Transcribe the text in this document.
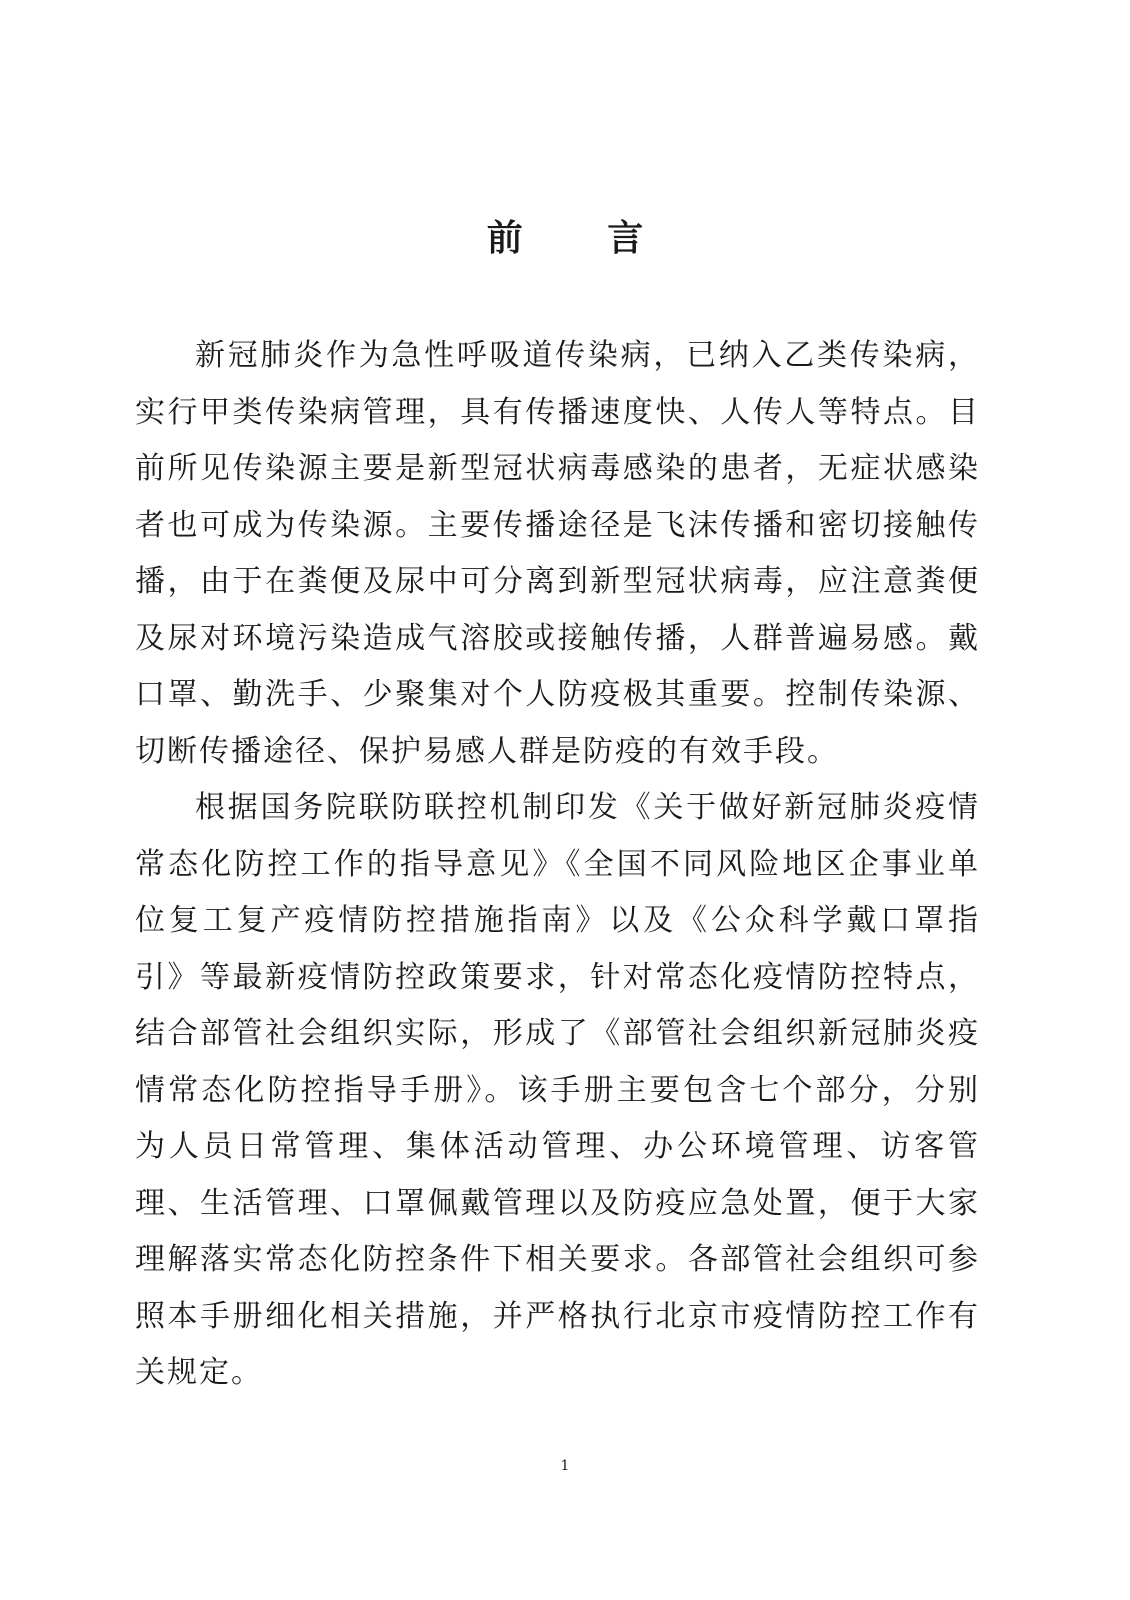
前 言

新冠肺炎作为急性呼吸道传染病，已纳入乙类传染病，实行甲类传染病管理，具有传播速度快、人传人等特点。目前所见传染源主要是新型冠状病毒感染的患者，无症状感染者也可成为传染源。主要传播途径是飞沫传播和密切接触传播，由于在粪便及尿中可分离到新型冠状病毒，应注意粪便及尿对环境污染造成气溶胶或接触传播，人群普遍易感。戴口罩、勤洗手、少聚集对个人防疫极其重要。控制传染源、切断传播途径、保护易感人群是防疫的有效手段。

根据国务院联防联控机制印发《关于做好新冠肺炎疫情常态化防控工作的指导意见》《全国不同风险地区企事业单位复工复产疫情防控措施指南》以及《公众科学戴口罩指引》等最新疫情防控政策要求，针对常态化疫情防控特点，结合部管社会组织实际，形成了《部管社会组织新冠肺炎疫情常态化防控指导手册》。该手册主要包含七个部分，分别为人员日常管理、集体活动管理、办公环境管理、访客管理、生活管理、口罩佩戴管理以及防疫应急处置，便于大家理解落实常态化防控条件下相关要求。各部管社会组织可参照本手册细化相关措施，并严格执行北京市疫情防控工作有关规定。

1
